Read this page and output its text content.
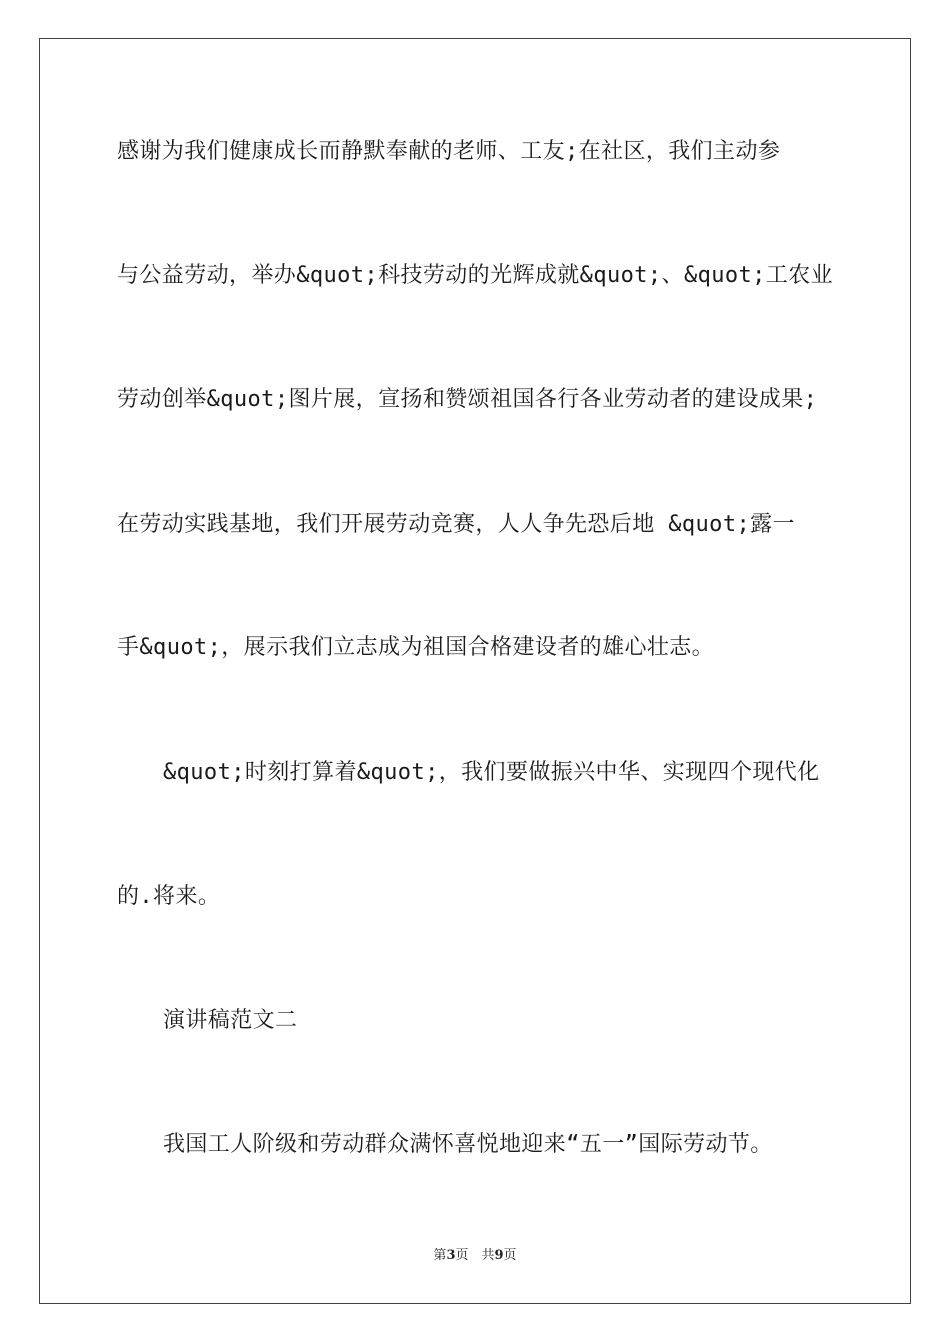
感谢为我们健康成长而静默奉献的老师、工友;在社区，我们主动参
与公益劳动，举办&quot;科技劳动的光辉成就&quot;、&quot;工农业
劳动创举&quot;图片展，宣扬和赞颂祖国各行各业劳动者的建设成果;
在劳动实践基地，我们开展劳动竞赛，人人争先恐后地 &quot;露一
手&quot;，展示我们立志成为祖国合格建设者的雄心壮志。
&quot;时刻打算着&quot;，我们要做振兴中华、实现四个现代化
的.将来。
演讲稿范文二
我国工人阶级和劳动群众满怀喜悦地迎来“五一”国际劳动节。
第3页　共9页
